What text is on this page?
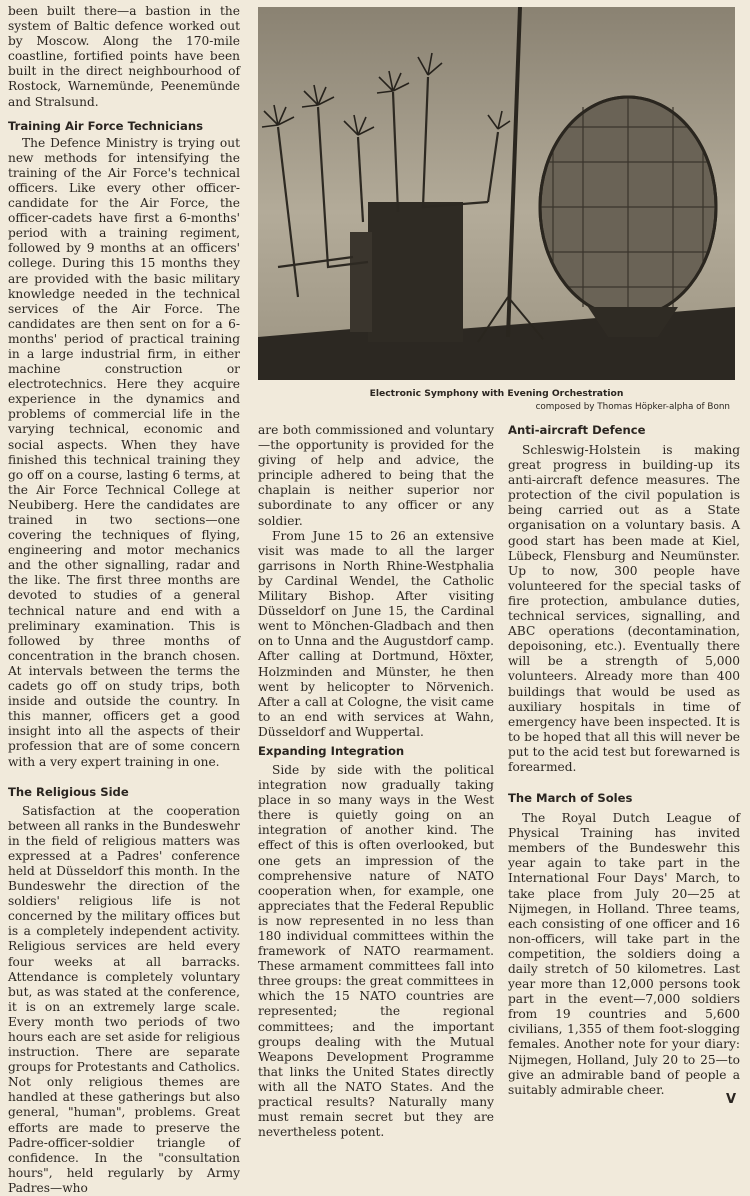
been built there—a bastion in the system of Baltic defence worked out by Moscow. Along the 170-mile coastline, fortified points have been built in the direct neighbourhood of Rostock, Warnemünde, Peenemünde and Stralsund.

Training Air Force Technicians

The Defence Ministry is trying out new methods for intensifying the training of the Air Force's technical officers. Like every other officer-candidate for the Air Force, the officer-cadets have first a 6-months' period with a training regiment, followed by 9 months at an officers' college. During this 15 months they are provided with the basic military knowledge needed in the technical services of the Air Force. The candidates are then sent on for a 6-months' period of practical training in a large industrial firm, in either machine construction or electrotechnics. Here they acquire experience in the dynamics and problems of commercial life in the varying technical, economic and social aspects. When they have finished this technical training they go off on a course, lasting 6 terms, at the Air Force Technical College at Neubiberg. Here the candidates are trained in two sections—one covering the techniques of flying, engineering and motor mechanics and the other signalling, radar and the like. The first three months are devoted to studies of a general technical nature and end with a preliminary examination. This is followed by three months of concentration in the branch chosen. At intervals between the terms the cadets go off on study trips, both inside and outside the country. In this manner, officers get a good insight into all the aspects of their profession that are of some concern with a very expert training in one.

The Religious Side

Satisfaction at the cooperation between all ranks in the Bundeswehr in the field of religious matters was expressed at a Padres' conference held at Düsseldorf this month. In the Bundeswehr the direction of the soldiers' religious life is not concerned by the military offices but is a completely independent activity. Religious services are held every four weeks at all barracks. Attendance is completely voluntary but, as was stated at the conference, it is on an extremely large scale. Every month two periods of two hours each are set aside for religious instruction. There are separate groups for Protestants and Catholics. Not only religious themes are handled at these gatherings but also general, "human", problems. Great efforts are made to preserve the Padre-officer-soldier triangle of confidence. In the "consultation hours", held regularly by Army Padres—who

Electronic Symphony with Evening Orchestration
composed by Thomas Höpker-alpha of Bonn

are both commissioned and voluntary—the opportunity is provided for the giving of help and advice, the principle adhered to being that the chaplain is neither superior nor subordinate to any officer or any soldier.

From June 15 to 26 an extensive visit was made to all the larger garrisons in North Rhine-Westphalia by Cardinal Wendel, the Catholic Military Bishop. After visiting Düsseldorf on June 15, the Cardinal went to Mönchen-Gladbach and then on to Unna and the Augustdorf camp. After calling at Dortmund, Höxter, Holzminden and Münster, he then went by helicopter to Nörvenich. After a call at Cologne, the visit came to an end with services at Wahn, Düsseldorf and Wuppertal.

Expanding Integration

Side by side with the political integration now gradually taking place in so many ways in the West there is quietly going on an integration of another kind. The effect of this is often overlooked, but one gets an impression of the comprehensive nature of NATO cooperation when, for example, one appreciates that the Federal Republic is now represented in no less than 180 individual committees within the framework of NATO rearmament. These armament committees fall into three groups: the great committees in which the 15 NATO countries are represented; the regional committees; and the important groups dealing with the Mutual Weapons Development Programme that links the United States directly with all the NATO States. And the practical results? Naturally many must remain secret but they are nevertheless potent.

Anti-aircraft Defence

Schleswig-Holstein is making great progress in building-up its anti-aircraft defence measures. The protection of the civil population is being carried out as a State organisation on a voluntary basis. A good start has been made at Kiel, Lübeck, Flensburg and Neumünster. Up to now, 300 people have volunteered for the special tasks of fire protection, ambulance duties, technical services, signalling, and ABC operations (decontamination, depoisoning, etc.). Eventually there will be a strength of 5,000 volunteers. Already more than 400 buildings that would be used as auxiliary hospitals in time of emergency have been inspected. It is to be hoped that all this will never be put to the acid test but forewarned is forearmed.

The March of Soles

The Royal Dutch League of Physical Training has invited members of the Bundeswehr this year again to take part in the International Four Days' March, to take place from July 20—25 at Nijmegen, in Holland. Three teams, each consisting of one officer and 16 non-officers, will take part in the competition, the soldiers doing a daily stretch of 50 kilometres. Last year more than 12,000 persons took part in the event—7,000 soldiers from 19 countries and 5,600 civilians, 1,355 of them foot-slogging females. Another note for your diary: Nijmegen, Holland, July 20 to 25—to give an admirable band of people a suitably admirable cheer.

V
